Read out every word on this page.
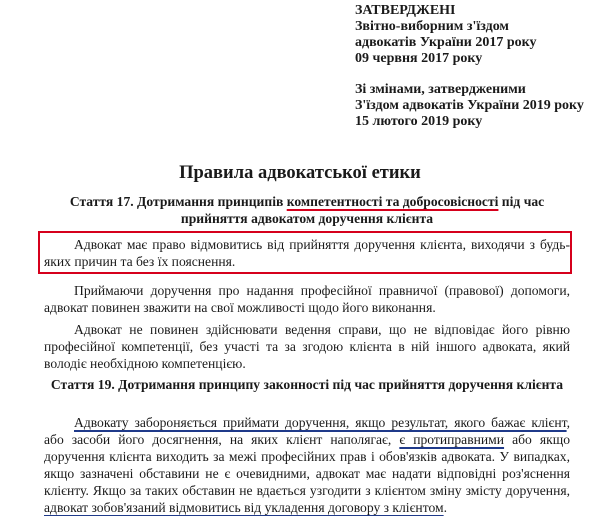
ЗАТВЕРДЖЕНІ
Звітно-виборним з'їздом
адвокатів України 2017 року
09 червня 2017 року
Зі змінами, затвердженими
З'їздом адвокатів України 2019 року
15 лютого 2019 року
Правила адвокатської етики
Стаття 17. Дотримання принципів компетентності та добросовісності під час прийняття адвокатом доручення клієнта
Адвокат має право відмовитись від прийняття доручення клієнта, виходячи з будь-яких причин та без їх пояснення.
Приймаючи доручення про надання професійної правничої (правової) допомоги, адвокат повинен зважити на свої можливості щодо його виконання.
Адвокат не повинен здійснювати ведення справи, що не відповідає його рівню професійної компетенції, без участі та за згодою клієнта в ній іншого адвоката, який володіє необхідною компетенцією.
Стаття 19. Дотримання принципу законності під час прийняття доручення клієнта
Адвокату забороняється приймати доручення, якщо результат, якого бажає клієнт, або засоби його досягнення, на яких клієнт наполягає, є протиправними або якщо доручення клієнта виходить за межі професійних прав і обов'язків адвоката. У випадках, якщо зазначені обставини не є очевидними, адвокат має надати відповідні роз'яснення клієнту. Якщо за таких обставин не вдається узгодити з клієнтом зміну змісту доручення, адвокат зобов'язаний відмовитись від укладення договору з клієнтом.
